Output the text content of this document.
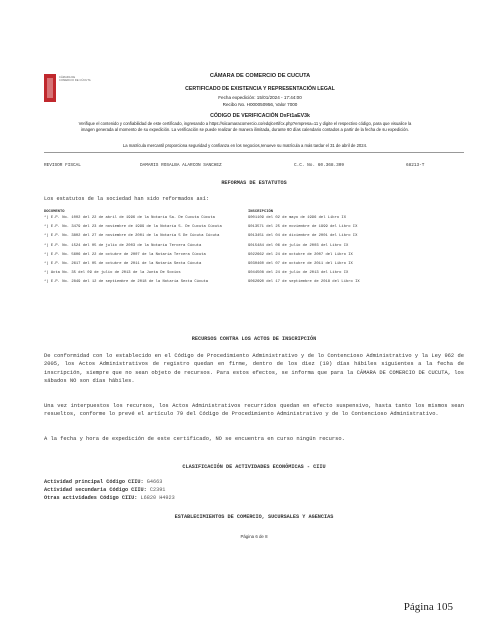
CÁMARA DE COMERCIO DE CÚCUTA
CÁMARA DE COMERCIO DE CUCUTA
CERTIFICADO DE EXISTENCIA Y REPRESENTACIÓN LEGAL
Fecha expedición: 15/01/2024 - 17:44:00
Recibo No. H000050956, Valor 7000
CÓDIGO DE VERIFICACIÓN DxFt1aEV3k
Verifique el contenido y confiabilidad de este certificado, ingresando a https://siicamaracomercio.co/edqlcertifcx.php?empresa=11 y digite el respectivo código, para que visualice la imagen generada al momento de su expedición. La verificación se puede realizar de manera ilimitada, durante 60 días calendario contados a partir de la fecha de su expedición.
La matrícula mercantil proporciona seguridad y confianza en los negocios,renueve su matrícula a más tardar el 31 de abril de 2024.

REVISOR FISCAL

	DAMARIS ROSALBA ALARCON SANCHEZ

	C.C. No. 60.368.309

	68213-T

REFORMAS DE ESTATUTOS
Los estatutos de la sociedad han sido reformados así:
DOCUMENTO	INSCRIPCIÓN
*) E.P. No. 1002 del 22 de abril de 1996 de la Notaría 5a. De Cucuta Cúcuta	9001109 del 02 de mayo de 1996 del Libro IX
*) E.P. No. 3479 del 23 de noviembre de 1999 de la Notaría 5. De Cucuta Cúcuta	9013571 del 25 de noviembre de 1999 del Libro IX
*) E.P. No. 3802 del 27 de noviembre de 2001 de la Notaría 5 De Cúcuta Cúcuta	9013451 del 04 de diciembre de 2001 del Libro IX
*) E.P. No. 1524 del 05 de julio de 2003 de la Notaría Tercera Cúcuta	9015484 del 06 de julio de 2003 del Libro IX
*) E.P. No. 5606 del 22 de octubre de 2007 de la Notaría Tercera Cúcuta	9022662 del 24 de octubre de 2007 del Libro IX
*) E.P. No. 2617 del 05 de octubre de 2011 de la Notaría Sexta Cúcuta	9030460 del 07 de octubre de 2011 del Libro IX
*) Acta No. 35 del 09 de julio de 2013 de la Junta De Socios	9044508 del 24 de julio de 2013 del Libro IX
*) E.P. No. 2849 del 12 de septiembre de 2018 de la Notaría Sexta Cúcuta	9062690 del 17 de septiembre de 2018 del Libro IX
RECURSOS CONTRA LOS ACTOS DE INSCRIPCIÓN
De conformidad con lo establecido en el Código de Procedimiento Administrativo y de lo Contencioso Administrativo y la Ley 962 de 2005, los Actos Administrativos de registro quedan en firme, dentro de los diez (10) días hábiles siguientes a la fecha de inscripción, siempre que no sean objeto de recursos. Para estos efectos, se informa que para la CÁMARA DE COMERCIO DE CUCUTA, los sábados NO son días hábiles.
Una vez interpuestos los recursos, los Actos Administrativos recurridos quedan en efecto suspensivo, hasta tanto los mismos sean resueltos, conforme lo prevé el artículo 79 del Código de Procedimiento Administrativo y de lo Contencioso Administrativo.
A la fecha y hora de expedición de este certificado, NO se encuentra en curso ningún recurso.
CLASIFICACIÓN DE ACTIVIDADES ECONÓMICAS - CIIU
Actividad principal Código CIIU: G4663
Actividad secundaria Código CIIU: C2391
Otras actividades Código CIIU: L6820 H4923
ESTABLECIMIENTOS DE COMERCIO, SUCURSALES Y AGENCIAS
Página 6 de 8
Página 105
